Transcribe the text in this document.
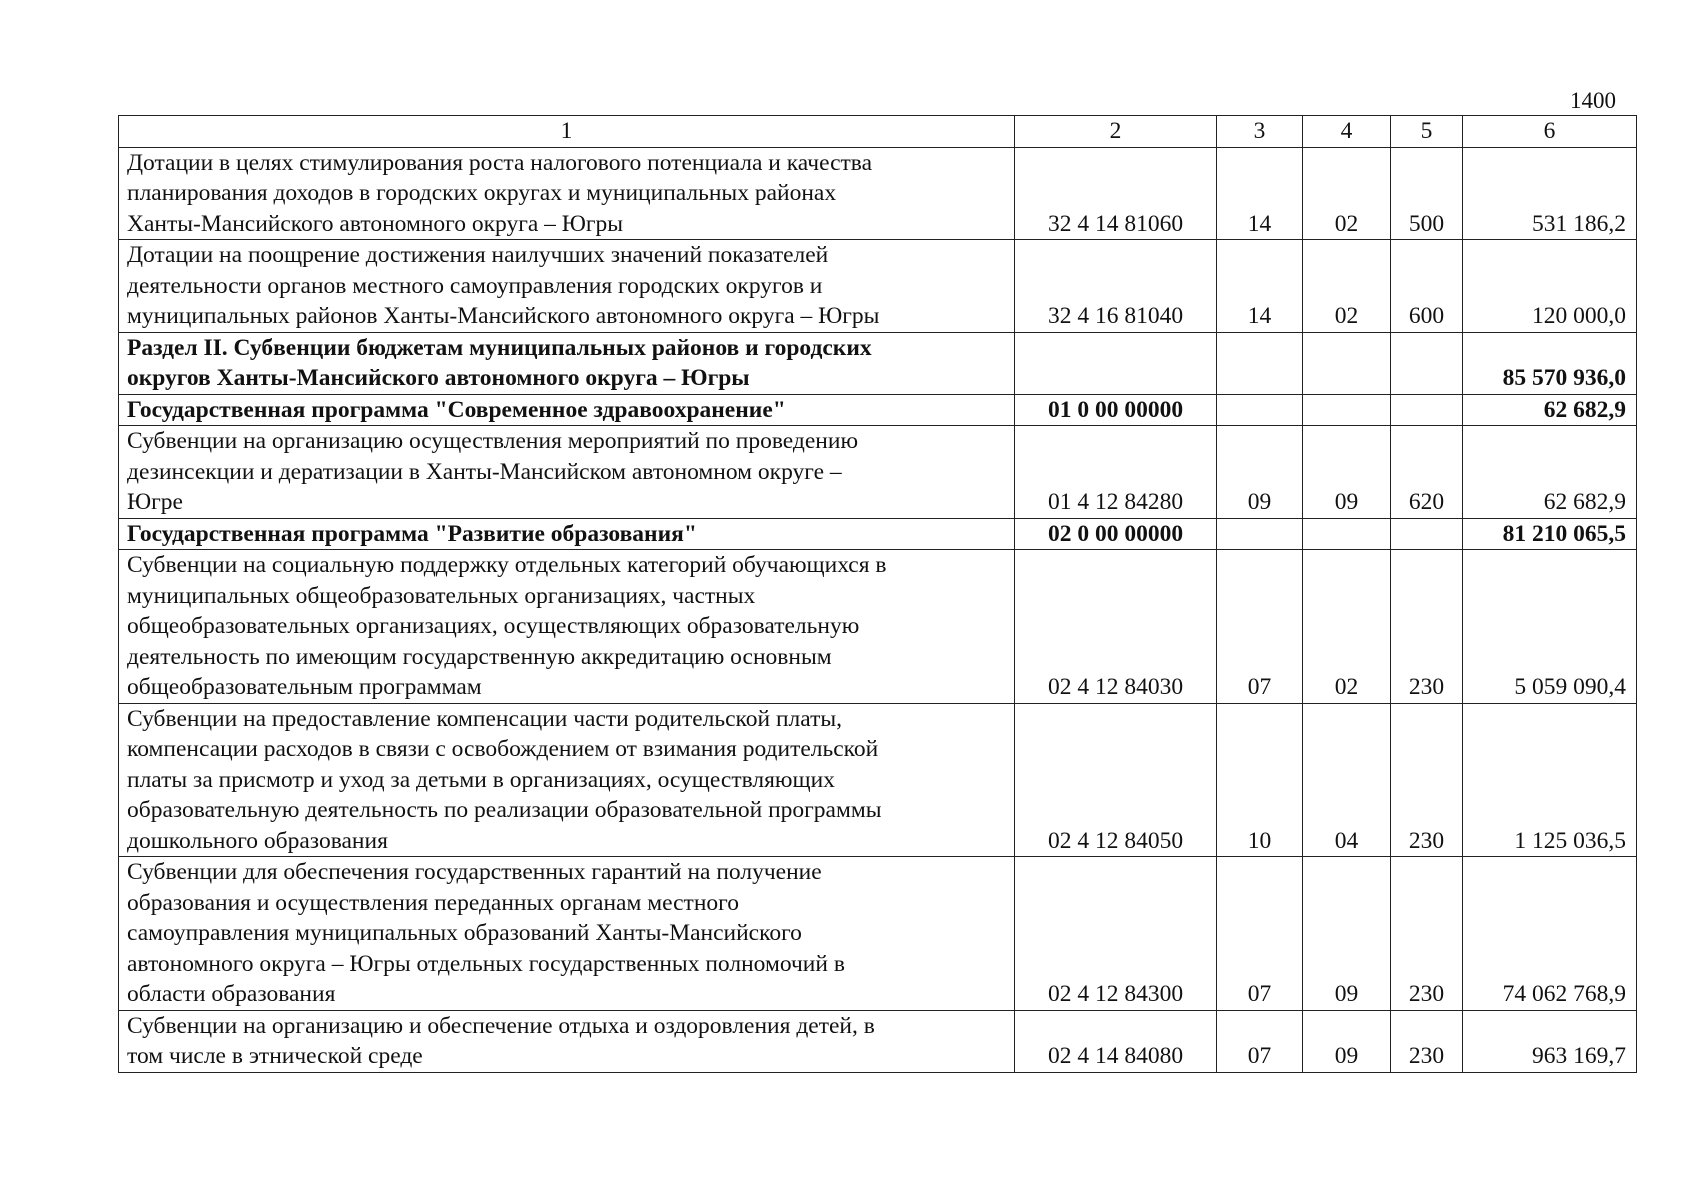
1400
1	2	3	4	5	6

Дотации в целях стимулирования роста налогового потенциала и качества
планирования доходов в городских округах и муниципальных районах
Ханты-Мансийского автономного округа – Югры	32 4 14 81060	14	02	500	531 186,2

Дотации на поощрение достижения наилучших значений показателей
деятельности органов местного самоуправления городских округов и
муниципальных районов Ханты-Мансийского автономного округа – Югры	32 4 16 81040	14	02	600	120 000,0

Раздел II. Субвенции бюджетам муниципальных районов и городских
округов Ханты-Мансийского автономного округа – Югры					85 570 936,0

Государственная программа "Современное здравоохранение"	01 0 00 00000				62 682,9

Субвенции на организацию осуществления мероприятий по проведению
дезинсекции и дератизации в Ханты-Мансийском автономном округе –
Югре	01 4 12 84280	09	09	620	62 682,9

Государственная программа "Развитие образования"	02 0 00 00000				81 210 065,5

Субвенции на социальную поддержку отдельных категорий обучающихся в
муниципальных общеобразовательных организациях, частных
общеобразовательных организациях, осуществляющих образовательную
деятельность по имеющим государственную аккредитацию основным
общеобразовательным программам	02 4 12 84030	07	02	230	5 059 090,4

Субвенции на предоставление компенсации части родительской платы,
компенсации расходов в связи с освобождением от взимания родительской
платы за присмотр и уход за детьми в организациях, осуществляющих
образовательную деятельность по реализации образовательной программы
дошкольного образования	02 4 12 84050	10	04	230	1 125 036,5

Субвенции для обеспечения государственных гарантий на получение
образования и осуществления переданных органам местного
самоуправления муниципальных образований Ханты-Мансийского
автономного округа – Югры отдельных государственных полномочий в
области образования	02 4 12 84300	07	09	230	74 062 768,9

Субвенции на организацию и обеспечение отдыха и оздоровления детей, в
том числе в этнической среде	02 4 14 84080	07	09	230	963 169,7
